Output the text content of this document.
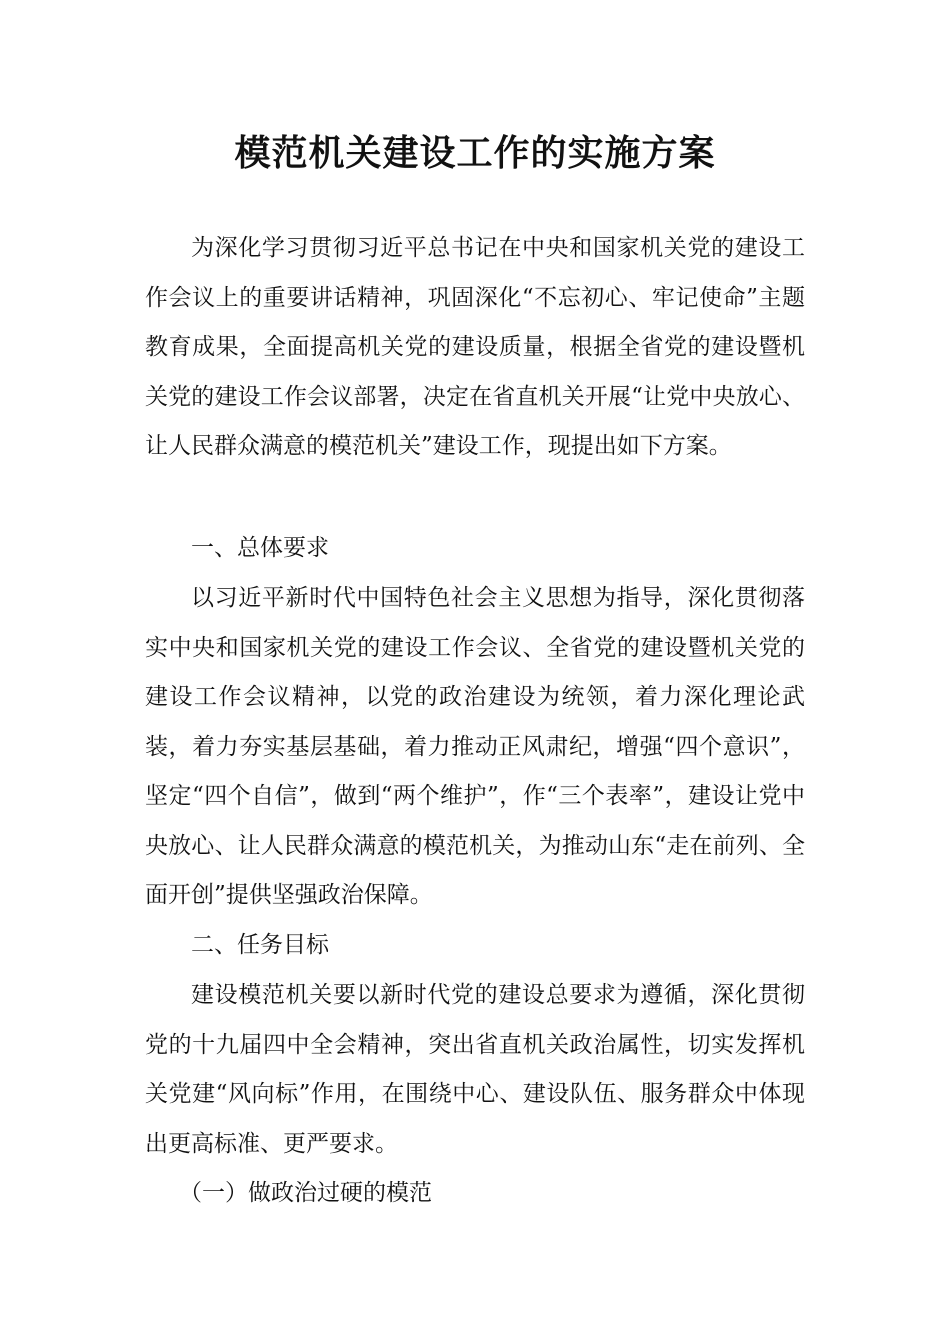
模范机关建设工作的实施方案

为深化学习贯彻习近平总书记在中央和国家机关党的建设工作会议上的重要讲话精神，巩固深化“不忘初心、牢记使命”主题教育成果，全面提高机关党的建设质量，根据全省党的建设暨机关党的建设工作会议部署，决定在省直机关开展“让党中央放心、让人民群众满意的模范机关”建设工作，现提出如下方案。

一、总体要求

以习近平新时代中国特色社会主义思想为指导，深化贯彻落实中央和国家机关党的建设工作会议、全省党的建设暨机关党的建设工作会议精神，以党的政治建设为统领，着力深化理论武装，着力夯实基层基础，着力推动正风肃纪，增强“四个意识”，坚定“四个自信”，做到“两个维护”，作“三个表率”，建设让党中央放心、让人民群众满意的模范机关，为推动山东“走在前列、全面开创”提供坚强政治保障。

二、任务目标

建设模范机关要以新时代党的建设总要求为遵循，深化贯彻党的十九届四中全会精神，突出省直机关政治属性，切实发挥机关党建“风向标”作用，在围绕中心、建设队伍、服务群众中体现出更高标准、更严要求。

（一）做政治过硬的模范
